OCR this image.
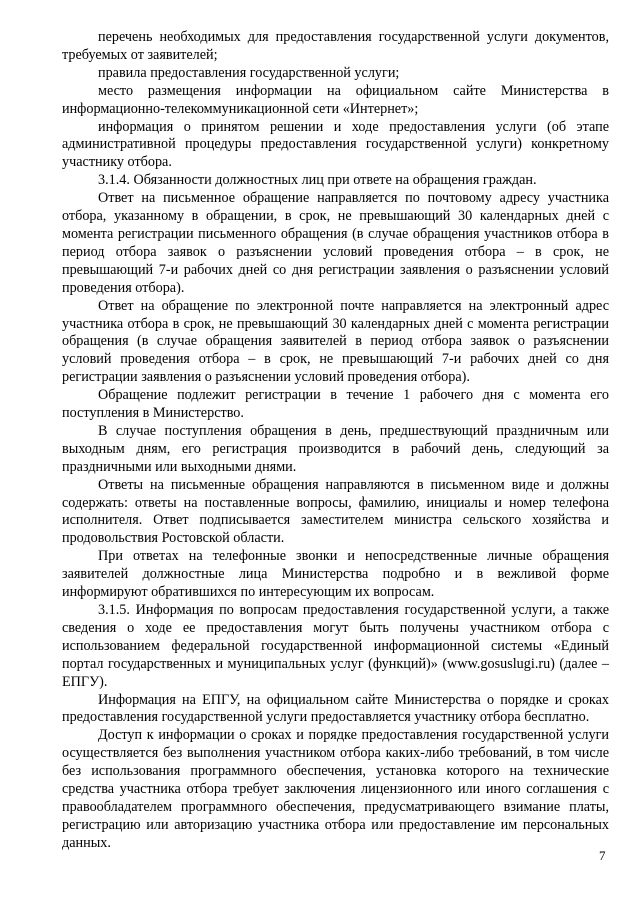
перечень необходимых для предоставления государственной услуги документов, требуемых от заявителей;

правила предоставления государственной услуги;

место размещения информации на официальном сайте Министерства в информационно-телекоммуникационной сети «Интернет»;

информация о принятом решении и ходе предоставления услуги (об этапе административной процедуры предоставления государственной услуги) конкретному участнику отбора.

3.1.4. Обязанности должностных лиц при ответе на обращения граждан.

Ответ на письменное обращение направляется по почтовому адресу участника отбора, указанному в обращении, в срок, не превышающий 30 календарных дней с момента регистрации письменного обращения (в случае обращения участников отбора в период отбора заявок о разъяснении условий проведения отбора – в срок, не превышающий 7-и рабочих дней со дня регистрации заявления о разъяснении условий проведения отбора).

Ответ на обращение по электронной почте направляется на электронный адрес участника отбора в срок, не превышающий 30 календарных дней с момента регистрации обращения (в случае обращения заявителей в период отбора заявок о разъяснении условий проведения отбора – в срок, не превышающий 7-и рабочих дней со дня регистрации заявления о разъяснении условий проведения отбора).

Обращение подлежит регистрации в течение 1 рабочего дня с момента его поступления в Министерство.

В случае поступления обращения в день, предшествующий праздничным или выходным дням, его регистрация производится в рабочий день, следующий за праздничными или выходными днями.

Ответы на письменные обращения направляются в письменном виде и должны содержать: ответы на поставленные вопросы, фамилию, инициалы и номер телефона исполнителя. Ответ подписывается заместителем министра сельского хозяйства и продовольствия Ростовской области.

При ответах на телефонные звонки и непосредственные личные обращения заявителей должностные лица Министерства подробно и в вежливой форме информируют обратившихся по интересующим их вопросам.

3.1.5. Информация по вопросам предоставления государственной услуги, а также сведения о ходе ее предоставления могут быть получены участником отбора с использованием федеральной государственной информационной системы «Единый портал государственных и муниципальных услуг (функций)» (www.gosuslugi.ru) (далее – ЕПГУ).

Информация на ЕПГУ, на официальном сайте Министерства о порядке и сроках предоставления государственной услуги предоставляется участнику отбора бесплатно.

Доступ к информации о сроках и порядке предоставления государственной услуги осуществляется без выполнения участником отбора каких-либо требований, в том числе без использования программного обеспечения, установка которого на технические средства участника отбора требует заключения лицензионного или иного соглашения с правообладателем программного обеспечения, предусматривающего взимание платы, регистрацию или авторизацию участника отбора или предоставление им персональных данных.

7
